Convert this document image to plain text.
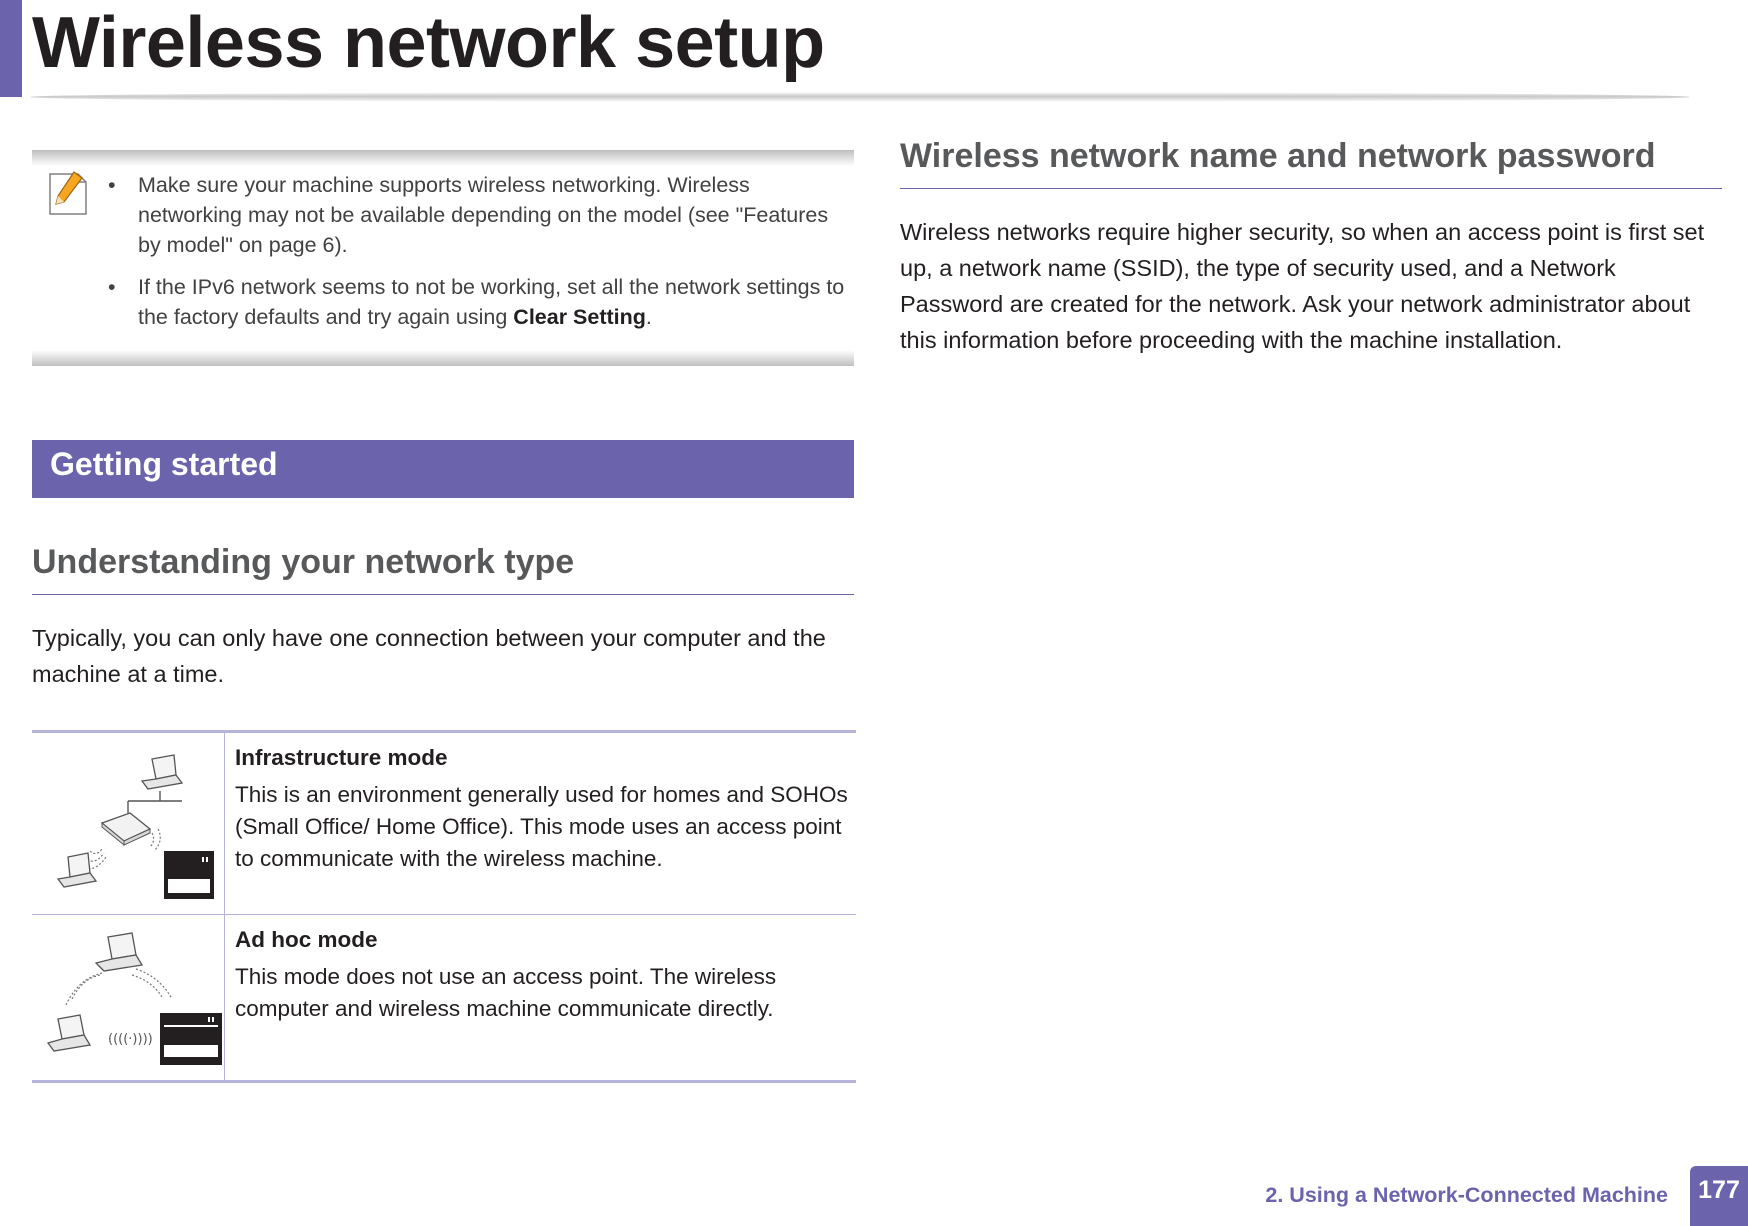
Wireless network setup
• Make sure your machine supports wireless networking. Wireless networking may not be available depending on the model (see "Features by model" on page 6).
• If the IPv6 network seems to not be working, set all the network settings to the factory defaults and try again using Clear Setting.
Getting started
Understanding your network type

Typically, you can only have one connection between your computer and the machine at a time.

Infrastructure mode

This is an environment generally used for homes and SOHOs (Small Office/ Home Office). This mode uses an access point to communicate with the wireless machine.

((((·))))	Ad hoc mode

This mode does not use an access point. The wireless computer and wireless machine communicate directly.

Wireless network name and network password

Wireless networks require higher security, so when an access point is first set up, a network name (SSID), the type of security used, and a Network Password are created for the network. Ask your network administrator about this information before proceeding with the machine installation.

2. Using a Network-Connected Machine	177
